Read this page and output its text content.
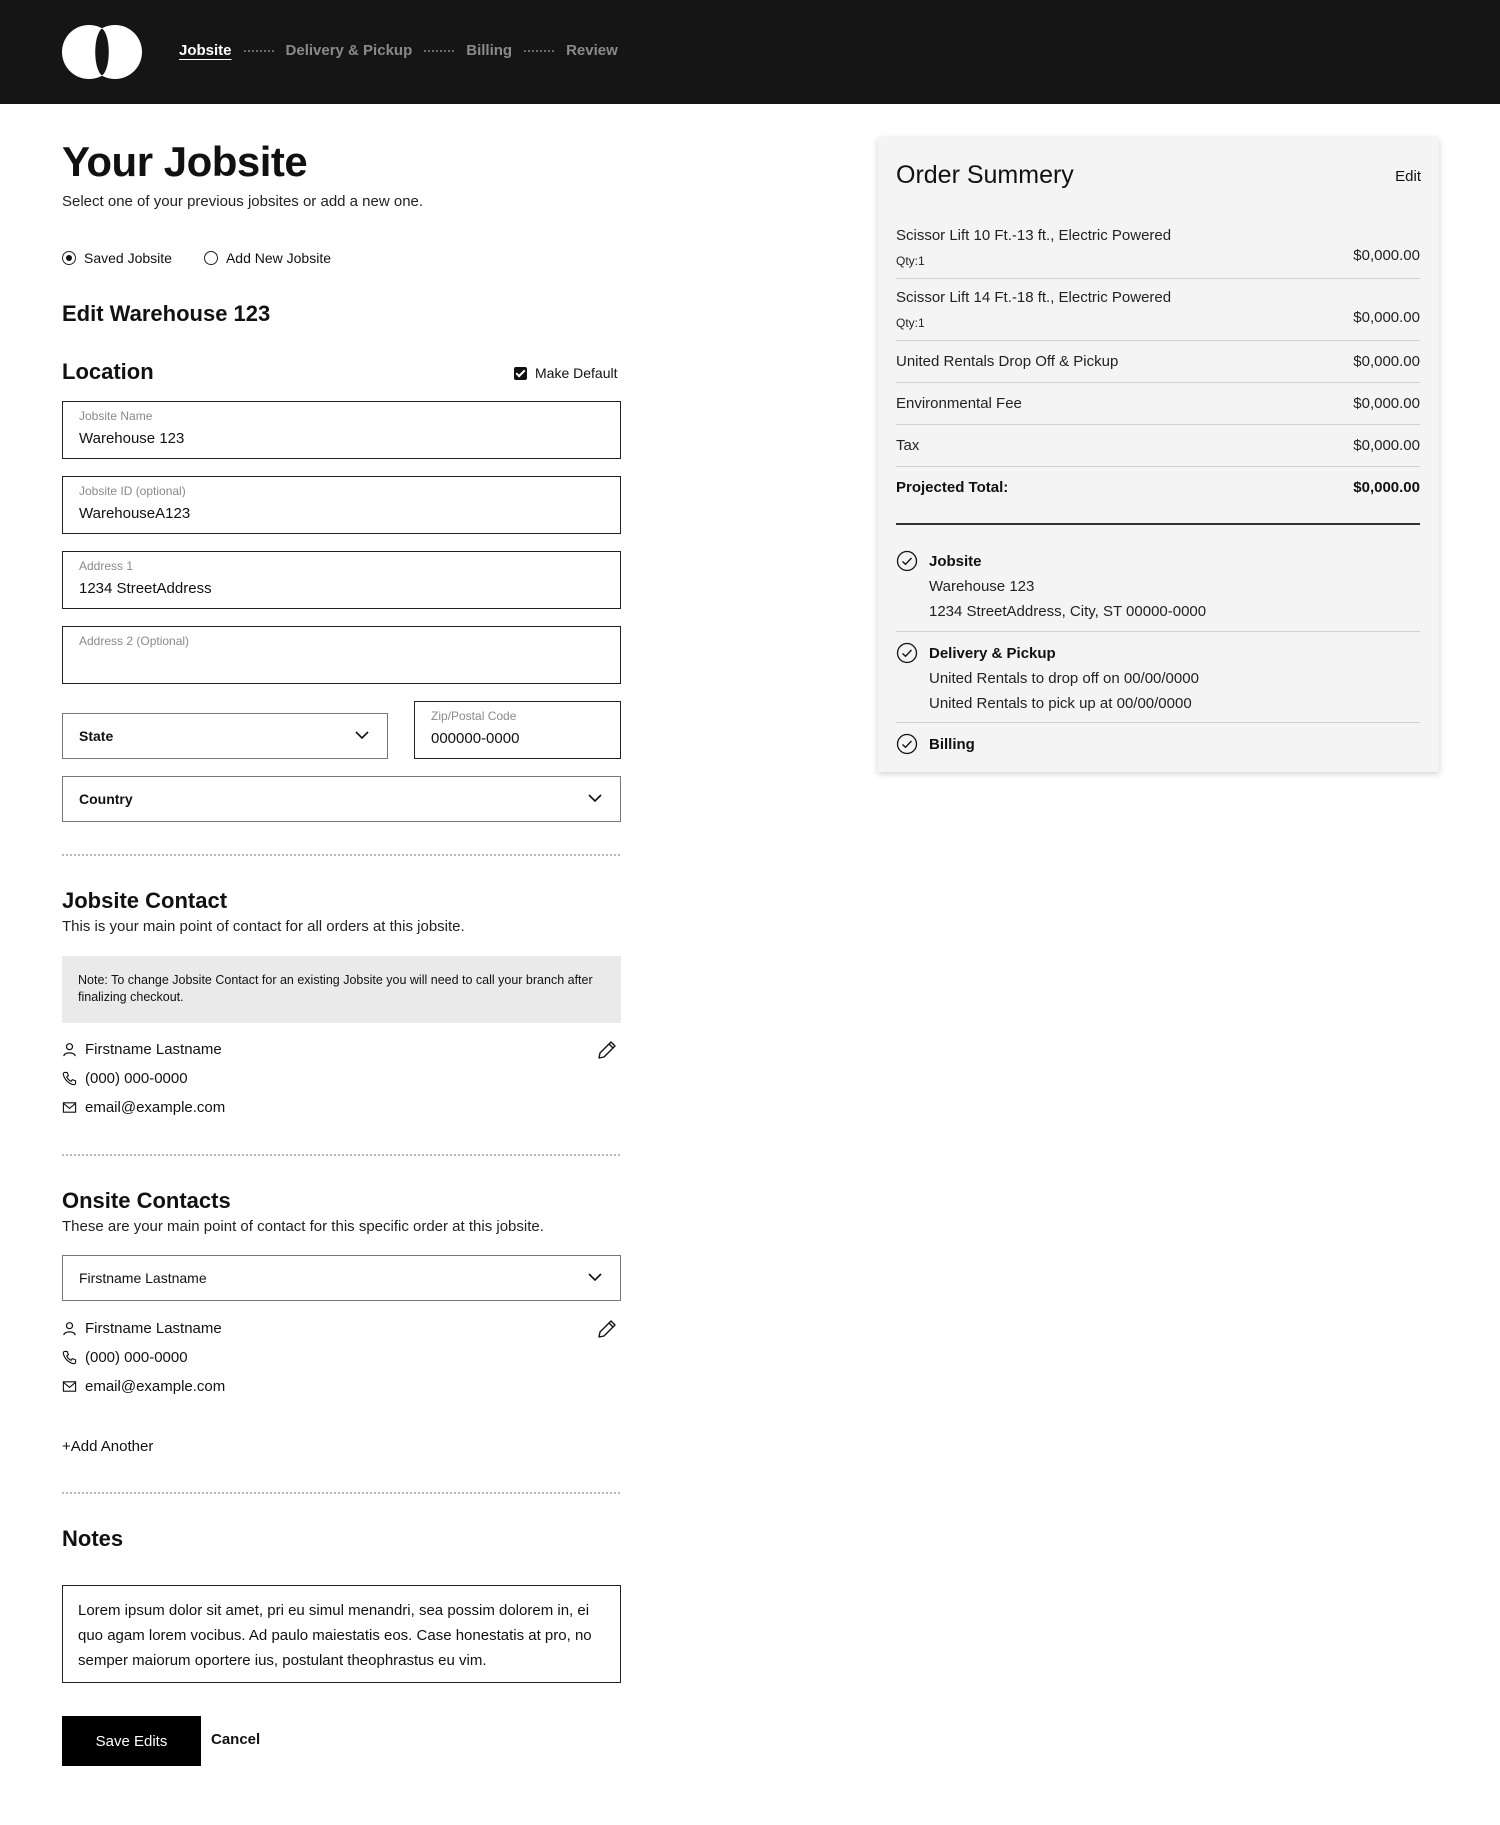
Jobsite	Delivery & Pickup	Billing	Review
Your Jobsite

Select one of your previous jobsites or add a new one.

Saved Jobsite	Add New Jobsite
Edit Warehouse 123
Location	Make Default
Jobsite Name
Warehouse 123
Jobsite ID (optional)
WarehouseA123
Address 1
1234 StreetAddress
Address 2 (Optional)
State
Zip/Postal Code
000000-0000
Country
Jobsite Contact

This is your main point of contact for all orders at this jobsite.

Note: To change Jobsite Contact for an existing Jobsite you will need to call your branch after finalizing checkout.
Firstname Lastname
(000) 000-0000
email@example.com
Onsite Contacts

These are your main point of contact for this specific order at this jobsite.

Firstname Lastname
Firstname Lastname
(000) 000-0000
email@example.com
+Add Another
Notes
Lorem ipsum dolor sit amet, pri eu simul menandri, sea possim dolorem in, ei quo agam lorem vocibus. Ad paulo maiestatis eos. Case honestatis at pro, no semper maiorum oportere ius, postulant theophrastus eu vim.
Save Edits	Cancel
Order Summery	Edit
Scissor Lift 10 Ft.-13 ft., Electric Powered
Qty:1	$0,000.00
Scissor Lift 14 Ft.-18 ft., Electric Powered
Qty:1	$0,000.00
United Rentals Drop Off & Pickup	$0,000.00
Environmental Fee	$0,000.00
Tax	$0,000.00
Projected Total:	$0,000.00
Jobsite
Warehouse 123
1234 StreetAddress, City, ST 00000-0000
Delivery & Pickup
United Rentals to drop off on 00/00/0000
United Rentals to pick up at 00/00/0000
Billing
